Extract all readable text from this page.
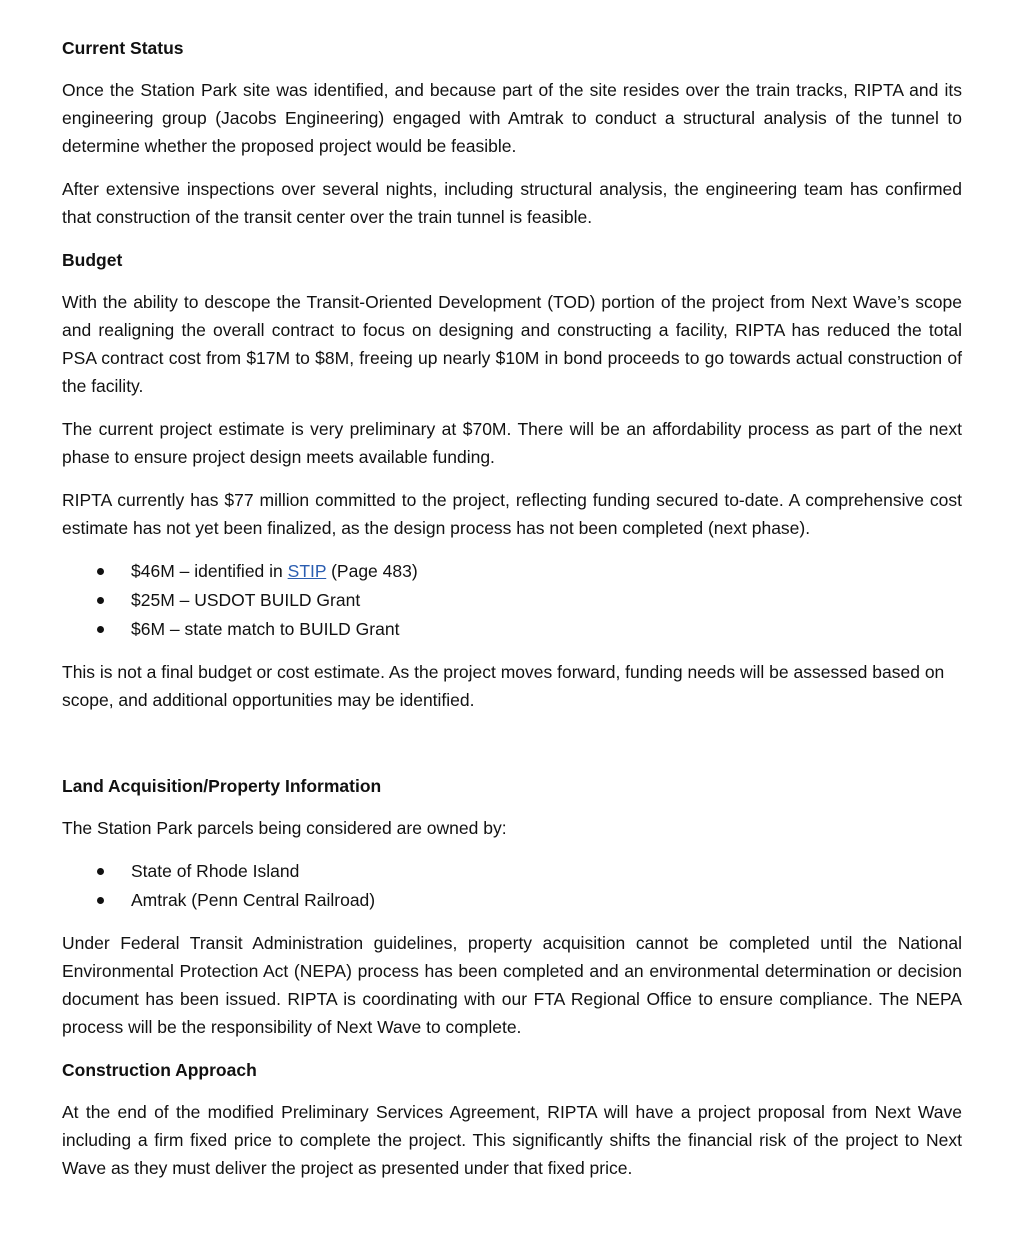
Current Status

Once the Station Park site was identified, and because part of the site resides over the train tracks, RIPTA and its engineering group (Jacobs Engineering) engaged with Amtrak to conduct a structural analysis of the tunnel to determine whether the proposed project would be feasible.

After extensive inspections over several nights, including structural analysis, the engineering team has confirmed that construction of the transit center over the train tunnel is feasible.

Budget

With the ability to descope the Transit-Oriented Development (TOD) portion of the project from Next Wave’s scope and realigning the overall contract to focus on designing and constructing a facility, RIPTA has reduced the total PSA contract cost from $17M to $8M, freeing up nearly $10M in bond proceeds to go towards actual construction of the facility.

The current project estimate is very preliminary at $70M. There will be an affordability process as part of the next phase to ensure project design meets available funding.

RIPTA currently has $77 million committed to the project, reflecting funding secured to-date. A comprehensive cost estimate has not yet been finalized, as the design process has not been completed (next phase).

$46M – identified in STIP (Page 483)
$25M – USDOT BUILD Grant
$6M – state match to BUILD Grant

This is not a final budget or cost estimate. As the project moves forward, funding needs will be assessed based on scope, and additional opportunities may be identified.

Land Acquisition/Property Information

The Station Park parcels being considered are owned by:

State of Rhode Island
Amtrak (Penn Central Railroad)

Under Federal Transit Administration guidelines, property acquisition cannot be completed until the National Environmental Protection Act (NEPA) process has been completed and an environmental determination or decision document has been issued. RIPTA is coordinating with our FTA Regional Office to ensure compliance. The NEPA process will be the responsibility of Next Wave to complete.

Construction Approach

At the end of the modified Preliminary Services Agreement, RIPTA will have a project proposal from Next Wave including a firm fixed price to complete the project. This significantly shifts the financial risk of the project to Next Wave as they must deliver the project as presented under that fixed price.
